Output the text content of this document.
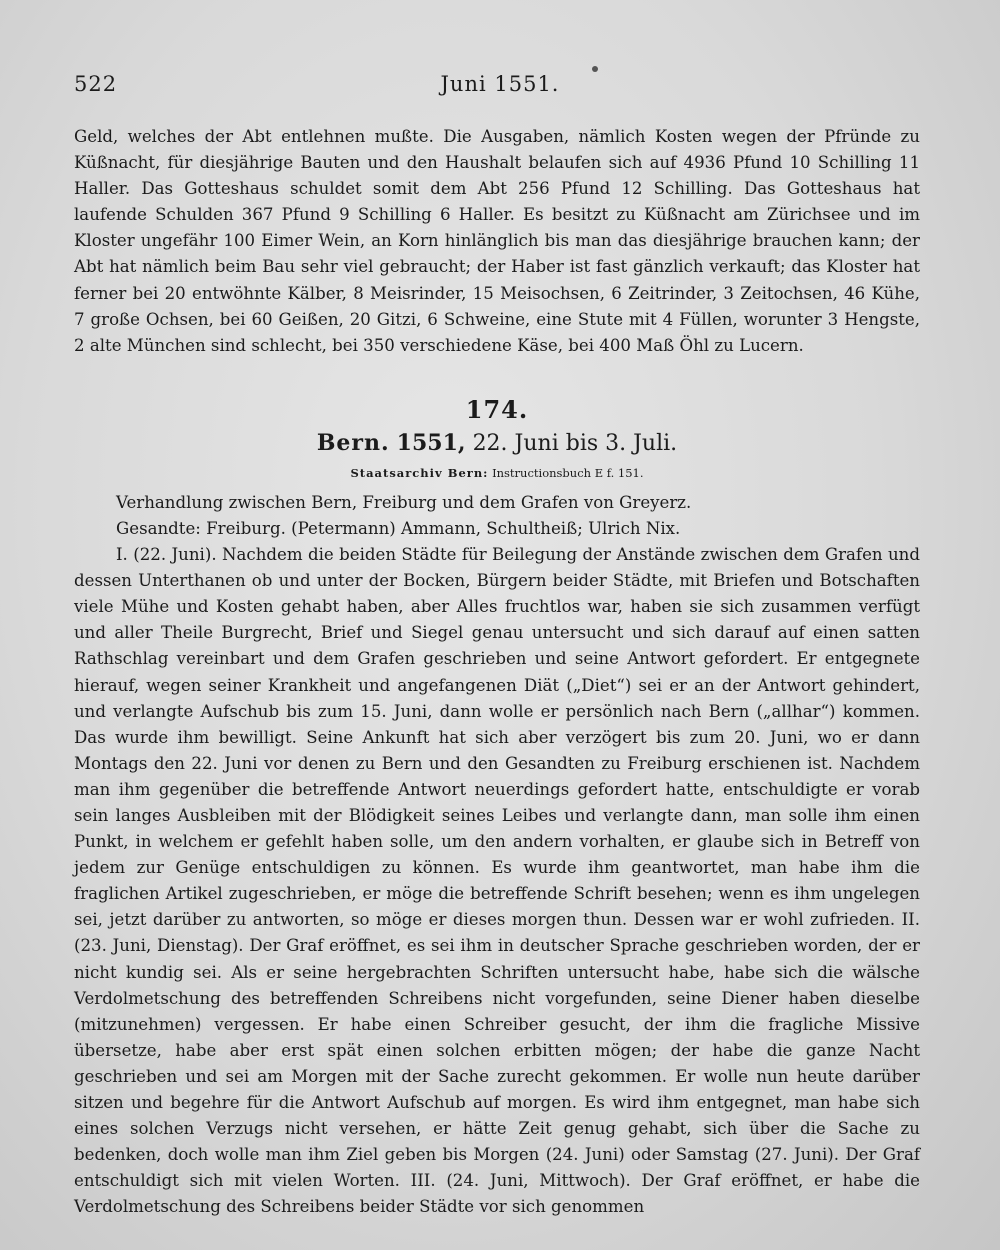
522	Juni 1551.

Geld, welches der Abt entlehnen mußte. Die Ausgaben, nämlich Kosten wegen der Pfründe zu Küßnacht, für diesjährige Bauten und den Haushalt belaufen sich auf 4936 Pfund 10 Schilling 11 Haller. Das Gotteshaus schuldet somit dem Abt 256 Pfund 12 Schilling. Das Gotteshaus hat laufende Schulden 367 Pfund 9 Schilling 6 Haller. Es besitzt zu Küßnacht am Zürichsee und im Kloster ungefähr 100 Eimer Wein, an Korn hinlänglich bis man das diesjährige brauchen kann; der Abt hat nämlich beim Bau sehr viel gebraucht; der Haber ist fast gänzlich verkauft; das Kloster hat ferner bei 20 entwöhnte Kälber, 8 Meisrinder, 15 Meisochsen, 6 Zeitrinder, 3 Zeitochsen, 46 Kühe, 7 große Ochsen, bei 60 Geißen, 20 Gitzi, 6 Schweine, eine Stute mit 4 Füllen, worunter 3 Hengste, 2 alte München sind schlecht, bei 350 verschiedene Käse, bei 400 Maß Öhl zu Lucern.

174.
Bern. 1551, 22. Juni bis 3. Juli.
Staatsarchiv Bern: Instructionsbuch E f. 151.
Verhandlung zwischen Bern, Freiburg und dem Grafen von Greyerz.
Gesandte: Freiburg. (Petermann) Ammann, Schultheiß; Ulrich Nix.

I. (22. Juni). Nachdem die beiden Städte für Beilegung der Anstände zwischen dem Grafen und dessen Unterthanen ob und unter der Bocken, Bürgern beider Städte, mit Briefen und Botschaften viele Mühe und Kosten gehabt haben, aber Alles fruchtlos war, haben sie sich zusammen verfügt und aller Theile Burgrecht, Brief und Siegel genau untersucht und sich darauf auf einen satten Rathschlag vereinbart und dem Grafen geschrieben und seine Antwort gefordert. Er entgegnete hierauf, wegen seiner Krankheit und angefangenen Diät („Diet“) sei er an der Antwort gehindert, und verlangte Aufschub bis zum 15. Juni, dann wolle er persönlich nach Bern („allhar“) kommen. Das wurde ihm bewilligt. Seine Ankunft hat sich aber verzögert bis zum 20. Juni, wo er dann Montags den 22. Juni vor denen zu Bern und den Gesandten zu Freiburg erschienen ist. Nachdem man ihm gegenüber die betreffende Antwort neuerdings gefordert hatte, entschuldigte er vorab sein langes Ausbleiben mit der Blödigkeit seines Leibes und verlangte dann, man solle ihm einen Punkt, in welchem er gefehlt haben solle, um den andern vorhalten, er glaube sich in Betreff von jedem zur Genüge entschuldigen zu können. Es wurde ihm geantwortet, man habe ihm die fraglichen Artikel zugeschrieben, er möge die betreffende Schrift besehen; wenn es ihm ungelegen sei, jetzt darüber zu antworten, so möge er dieses morgen thun. Dessen war er wohl zufrieden. II. (23. Juni, Dienstag). Der Graf eröffnet, es sei ihm in deutscher Sprache geschrieben worden, der er nicht kundig sei. Als er seine hergebrachten Schriften untersucht habe, habe sich die wälsche Verdolmetschung des betreffenden Schreibens nicht vorgefunden, seine Diener haben dieselbe (mitzunehmen) vergessen. Er habe einen Schreiber gesucht, der ihm die fragliche Missive übersetze, habe aber erst spät einen solchen erbitten mögen; der habe die ganze Nacht geschrieben und sei am Morgen mit der Sache zurecht gekommen. Er wolle nun heute darüber sitzen und begehre für die Antwort Aufschub auf morgen. Es wird ihm entgegnet, man habe sich eines solchen Verzugs nicht versehen, er hätte Zeit genug gehabt, sich über die Sache zu bedenken, doch wolle man ihm Ziel geben bis Morgen (24. Juni) oder Samstag (27. Juni). Der Graf entschuldigt sich mit vielen Worten. III. (24. Juni, Mittwoch). Der Graf eröffnet, er habe die Verdolmetschung des Schreibens beider Städte vor sich genommen
